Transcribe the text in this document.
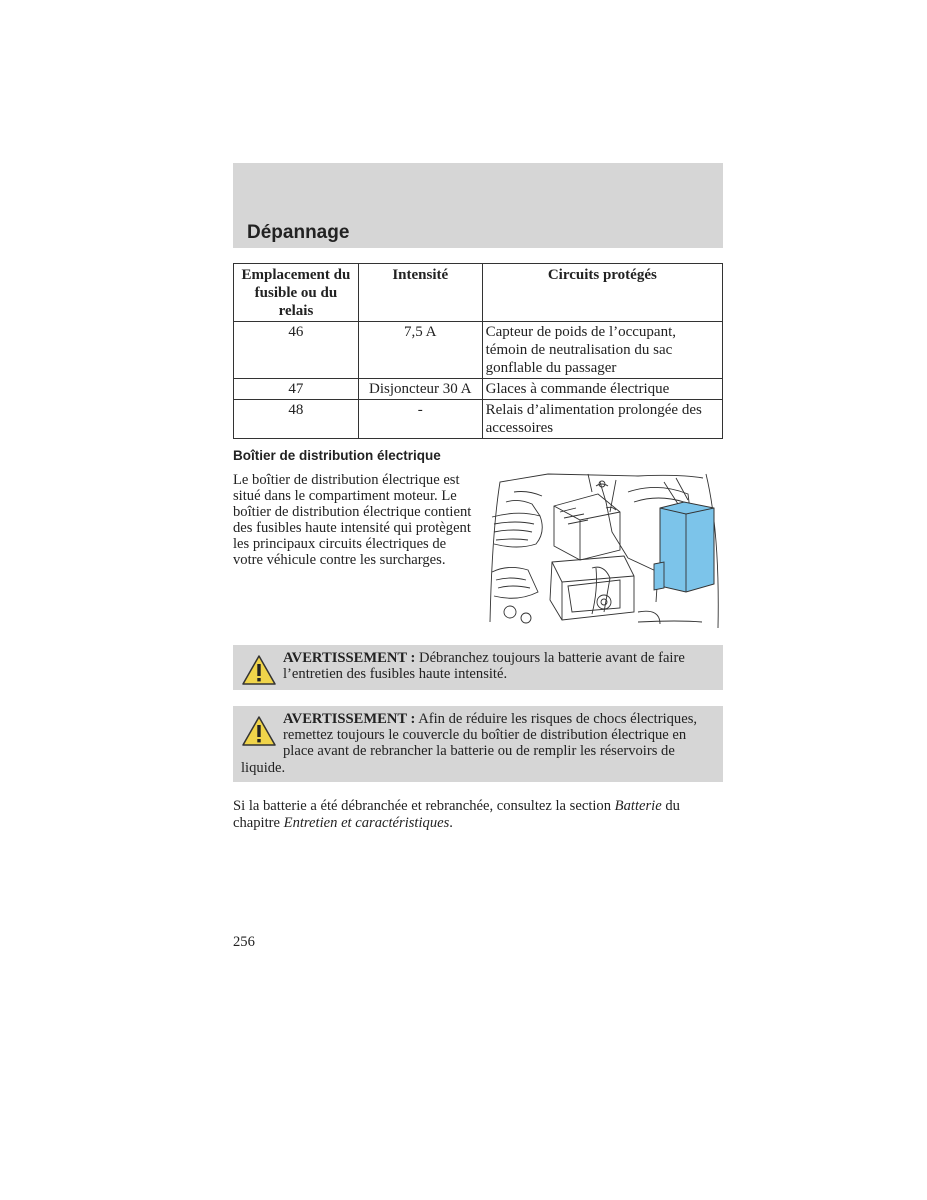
Dépannage
Emplacement du fusible ou du relais	Intensité	Circuits protégés
46	7,5 A	Capteur de poids de l’occupant, témoin de neutralisation du sac gonflable du passager
47	Disjoncteur 30 A	Glaces à commande électrique
48	-	Relais d’alimentation prolongée des accessoires
Boîtier de distribution électrique
Le boîtier de distribution électrique est situé dans le compartiment moteur. Le boîtier de distribution électrique contient des fusibles haute intensité qui protègent les principaux circuits électriques de votre véhicule contre les surcharges.
AVERTISSEMENT : Débranchez toujours la batterie avant de faire l’entretien des fusibles haute intensité.
AVERTISSEMENT : Afin de réduire les risques de chocs électriques, remettez toujours le couvercle du boîtier de distribution électrique en place avant de rebrancher la batterie ou de remplir les réservoirs de liquide.
Si la batterie a été débranchée et rebranchée, consultez la section Batterie du chapitre Entretien et caractéristiques.
256
